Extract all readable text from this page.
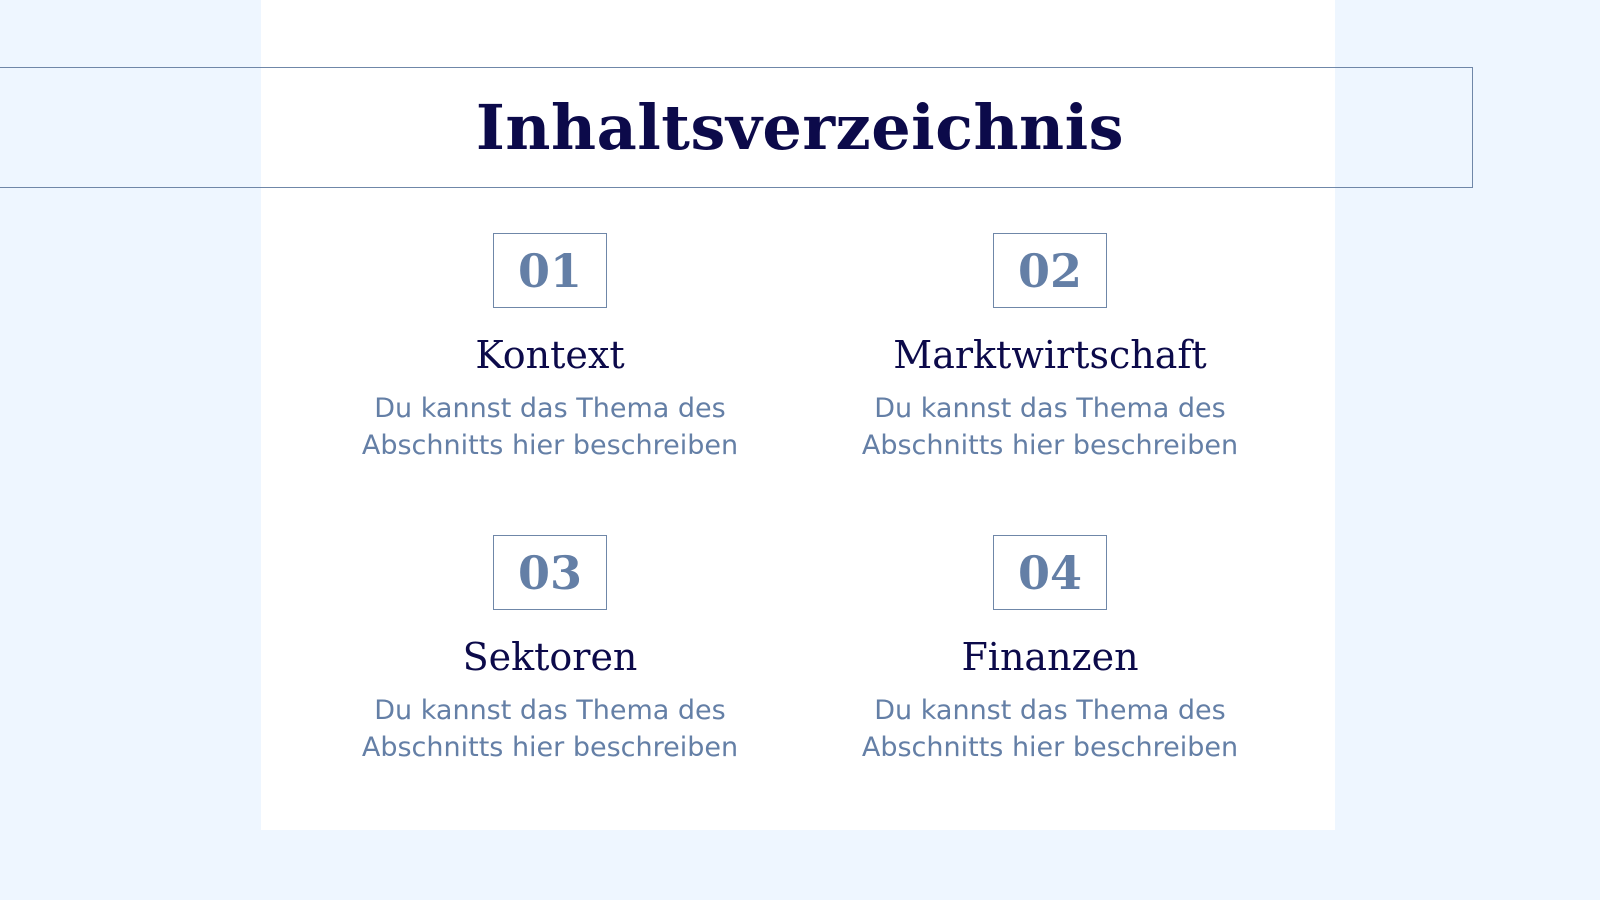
Inhaltsverzeichnis
01
Kontext
Du kannst das Thema des
Abschnitts hier beschreiben
02
Marktwirtschaft
Du kannst das Thema des
Abschnitts hier beschreiben
03
Sektoren
Du kannst das Thema des
Abschnitts hier beschreiben
04
Finanzen
Du kannst das Thema des
Abschnitts hier beschreiben
